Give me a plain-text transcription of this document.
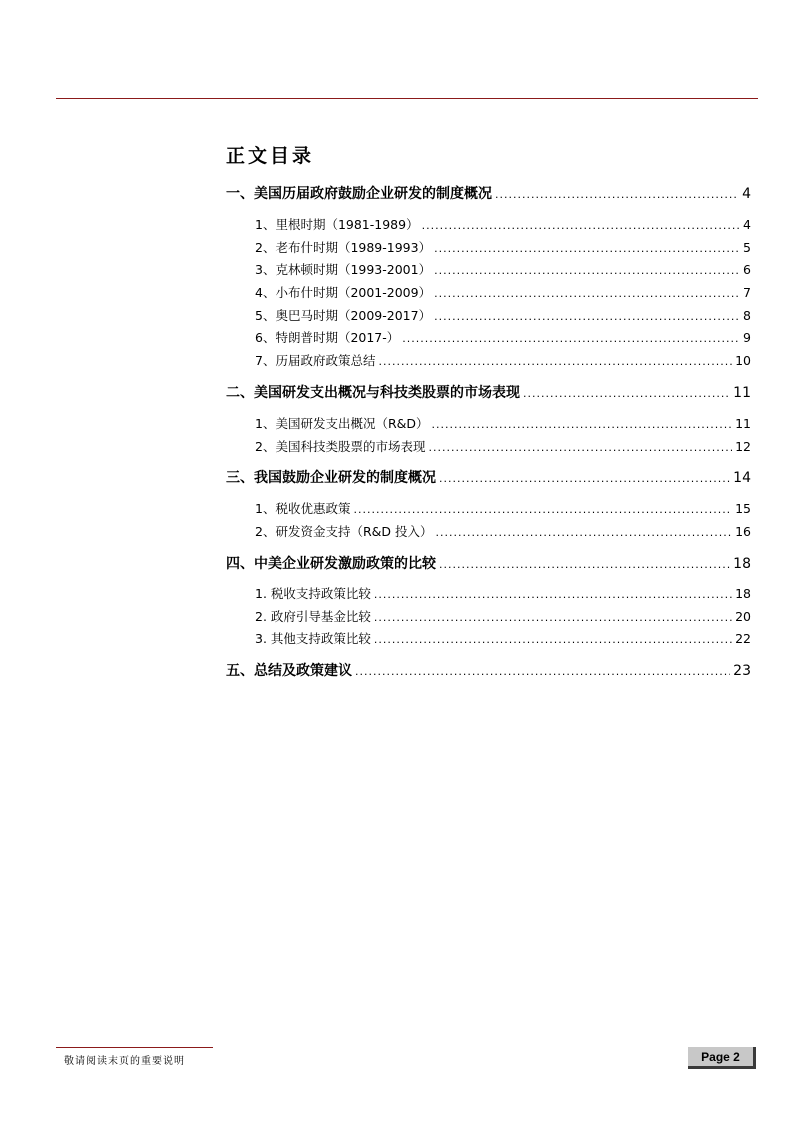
正文目录
一、美国历届政府鼓励企业研发的制度概况 .....	4
1、里根时期（1981-1989） .....	4
2、老布什时期（1989-1993） .....	5
3、克林顿时期（1993-2001） .....	6
4、小布什时期（2001-2009） .....	7
5、奥巴马时期（2009-2017） .....	8
6、特朗普时期（2017-） .....	9
7、历届政府政策总结 .....	10
二、美国研发支出概况与科技类股票的市场表现 .....	11
1、美国研发支出概况（R&D） .....	11
2、美国科技类股票的市场表现 .....	12
三、我国鼓励企业研发的制度概况 .....	14
1、税收优惠政策 .....	15
2、研发资金支持（R&D 投入） .....	16
四、中美企业研发激励政策的比较 .....	18
1. 税收支持政策比较 .....	18
2. 政府引导基金比较 .....	20
3. 其他支持政策比较 .....	22
五、总结及政策建议 .....	23
敬请阅读末页的重要说明	Page 2
